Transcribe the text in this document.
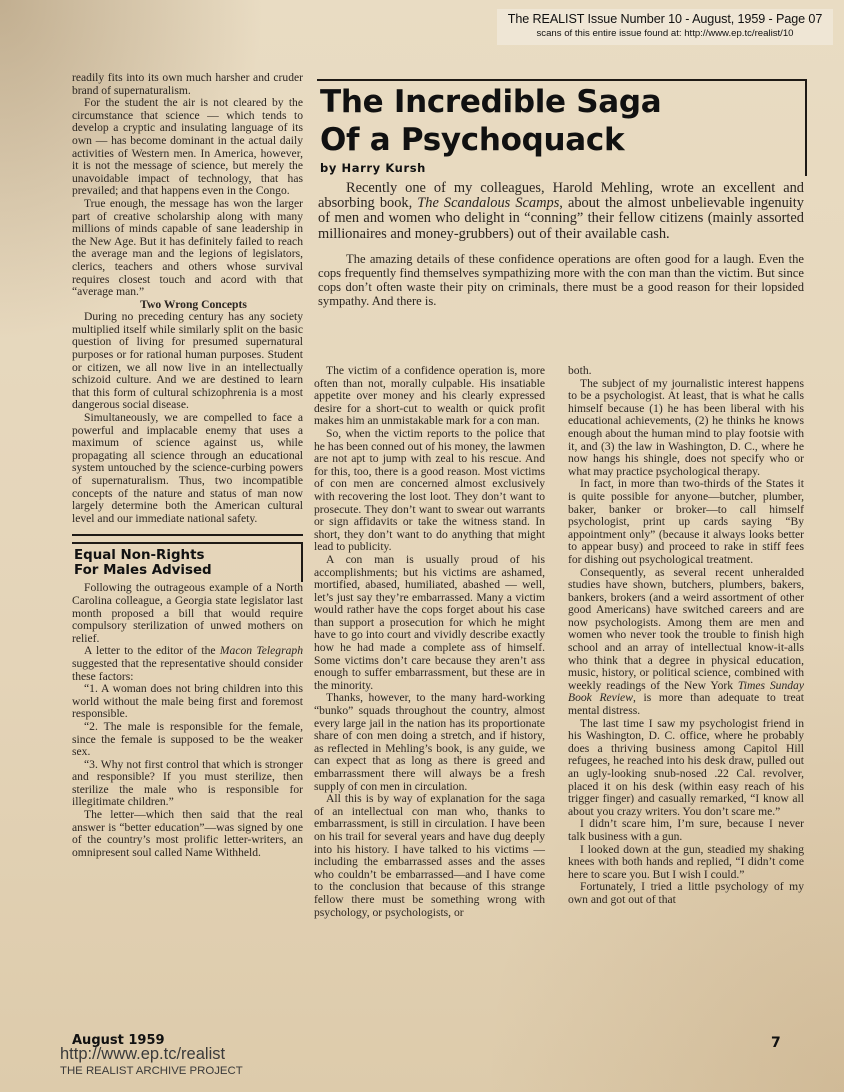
The REALIST Issue Number 10 - August, 1959 - Page 07
scans of this entire issue found at: http://www.ep.tc/realist/10

readily fits into its own much harsher and cruder brand of supernaturalism.

For the student the air is not cleared by the circumstance that science — which tends to develop a cryptic and insulating language of its own — has become dominant in the actual daily activities of Western men. In America, however, it is not the message of science, but merely the unavoidable impact of technology, that has prevailed; and that happens even in the Congo.

True enough, the message has won the larger part of creative scholarship along with many millions of minds capable of sane leadership in the New Age. But it has definitely failed to reach the average man and the legions of legislators, clerics, teachers and others whose survival requires closest touch and acord with that “average man.”

Two Wrong Concepts

During no preceding century has any society multiplied itself while similarly split on the basic question of living for presumed supernatural purposes or for rational human purposes. Student or citizen, we all now live in an intellectually schizoid culture. And we are destined to learn that this form of cultural schizophrenia is a most dangerous social disease.

Simultaneously, we are compelled to face a powerful and implacable enemy that uses a maximum of science against us, while propagating all science through an educational system untouched by the science-curbing powers of supernaturalism. Thus, two incompatible concepts of the nature and status of man now largely determine both the American cultural level and our immediate national safety.

Equal Non-Rights
For Males Advised

Following the outrageous example of a North Carolina colleague, a Georgia state legislator last month proposed a bill that would require compulsory sterilization of unwed mothers on relief.

A letter to the editor of the Macon Telegraph suggested that the representative should consider these factors:

“1. A woman does not bring children into this world without the male being first and foremost responsible.

“2. The male is responsible for the female, since the female is supposed to be the weaker sex.

“3. Why not first control that which is stronger and responsible? If you must sterilize, then sterilize the male who is responsible for illegitimate children.”

The letter—which then said that the real answer is “better education”—was signed by one of the country’s most prolific letter-writers, an omnipresent soul called Name Withheld.

The Incredible Saga
Of a Psychoquack
by Harry Kursh

Recently one of my colleagues, Harold Mehling, wrote an excellent and absorbing book, The Scandalous Scamps, about the almost unbelievable ingenuity of men and women who delight in “conning” their fellow citizens (mainly assorted millionaires and money-grubbers) out of their available cash.

The amazing details of these confidence operations are often good for a laugh. Even the cops frequently find themselves sympathizing more with the con man than the victim. But since cops don’t often waste their pity on criminals, there must be a good reason for their lopsided sympathy. And there is.

The victim of a confidence operation is, more often than not, morally culpable. His insatiable appetite over money and his clearly expressed desire for a short-cut to wealth or quick profit makes him an unmistakable mark for a con man.

So, when the victim reports to the police that he has been conned out of his money, the lawmen are not apt to jump with zeal to his rescue. And for this, too, there is a good reason. Most victims of con men are concerned almost exclusively with recovering the lost loot. They don’t want to prosecute. They don’t want to swear out warrants or sign affidavits or take the witness stand. In short, they don’t want to do anything that might lead to publicity.

A con man is usually proud of his accomplishments; but his victims are ashamed, mortified, abased, humiliated, abashed — well, let’s just say they’re embarrassed. Many a victim would rather have the cops forget about his case than support a prosecution for which he might have to go into court and vividly describe exactly how he had made a complete ass of himself. Some victims don’t care because they aren’t ass enough to suffer embarrassment, but these are in the minority.

Thanks, however, to the many hard-working “bunko” squads throughout the country, almost every large jail in the nation has its proportionate share of con men doing a stretch, and if history, as reflected in Mehling’s book, is any guide, we can expect that as long as there is greed and embarrassment there will always be a fresh supply of con men in circulation.

All this is by way of explanation for the saga of an intellectual con man who, thanks to embarrassment, is still in circulation. I have been on his trail for several years and have dug deeply into his history. I have talked to his victims — including the embarrassed asses and the asses who couldn’t be embarrassed—and I have come to the conclusion that because of this strange fellow there must be something wrong with psychology, or psychologists, or

both.

The subject of my journalistic interest happens to be a psychologist. At least, that is what he calls himself because (1) he has been liberal with his educational achievements, (2) he thinks he knows enough about the human mind to play footsie with it, and (3) the law in Washington, D. C., where he now hangs his shingle, does not specify who or what may practice psychological therapy.

In fact, in more than two-thirds of the States it is quite possible for anyone—butcher, plumber, baker, banker or broker—to call himself psychologist, print up cards saying “By appointment only” (because it always looks better to appear busy) and proceed to rake in stiff fees for dishing out psychological treatment.

Consequently, as several recent unheralded studies have shown, butchers, plumbers, bakers, bankers, brokers (and a weird assortment of other good Americans) have switched careers and are now psychologists. Among them are men and women who never took the trouble to finish high school and an array of intellectual know-it-alls who think that a degree in physical education, music, history, or political science, combined with weekly readings of the New York Times Sunday Book Review, is more than adequate to treat mental distress.

The last time I saw my psychologist friend in his Washington, D. C. office, where he probably does a thriving business among Capitol Hill refugees, he reached into his desk draw, pulled out an ugly-looking snub-nosed .22 Cal. revolver, placed it on his desk (within easy reach of his trigger finger) and casually remarked, “I know all about you crazy writers. You don’t scare me.”

I didn’t scare him, I’m sure, because I never talk business with a gun.

I looked down at the gun, steadied my shaking knees with both hands and replied, “I didn’t come here to scare you. But I wish I could.”

Fortunately, I tried a little psychology of my own and got out of that

August 1959
http://www.ep.tc/realist
THE REALIST ARCHIVE PROJECT
7
